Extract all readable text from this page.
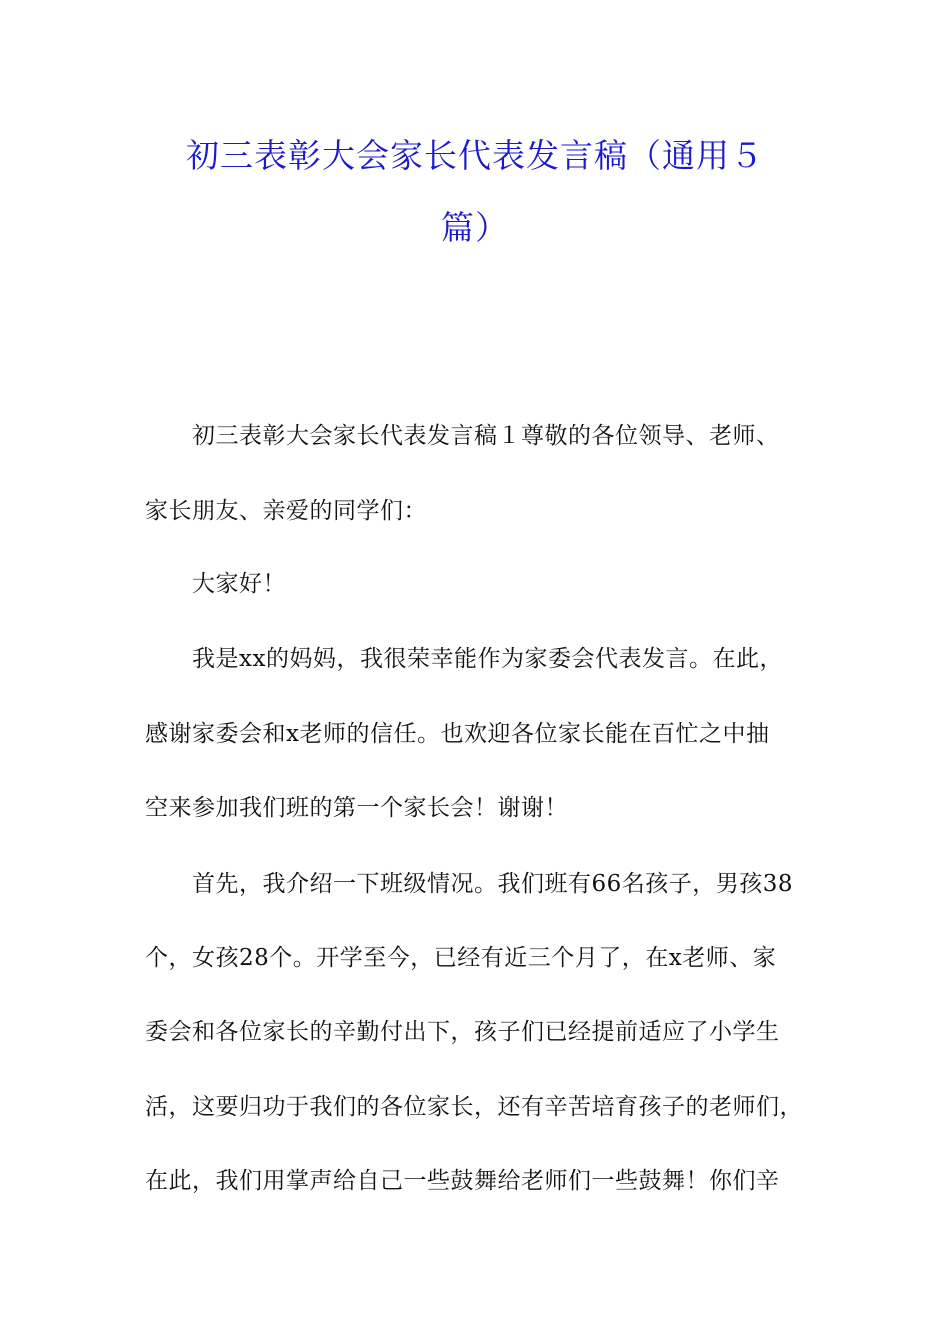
初三表彰大会家长代表发言稿（通用５
篇）
初三表彰大会家长代表发言稿１尊敬的各位领导、老师、
家长朋友、亲爱的同学们：
大家好！
我是xx的妈妈，我很荣幸能作为家委会代表发言。在此，
感谢家委会和x老师的信任。也欢迎各位家长能在百忙之中抽
空来参加我们班的第一个家长会！谢谢！
首先，我介绍一下班级情况。我们班有66名孩子，男孩38
个，女孩28个。开学至今，已经有近三个月了，在x老师、家
委会和各位家长的辛勤付出下，孩子们已经提前适应了小学生
活，这要归功于我们的各位家长，还有辛苦培育孩子的老师们，
在此，我们用掌声给自己一些鼓舞给老师们一些鼓舞！你们辛
